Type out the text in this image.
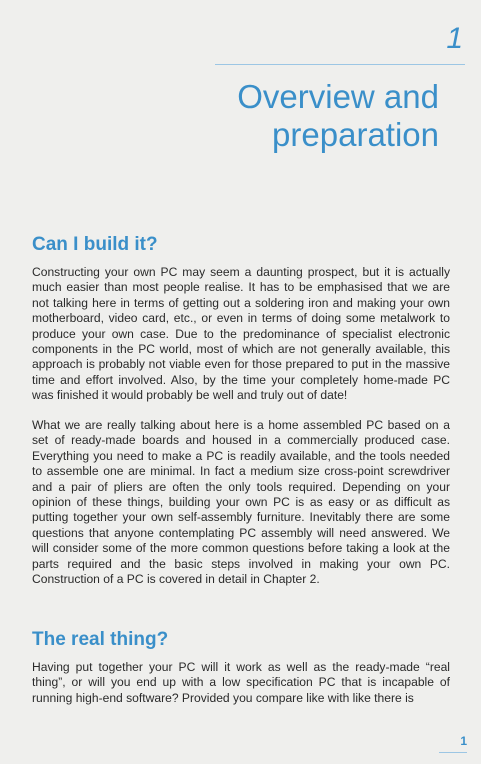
1
Overview and
preparation
Can I build it?

Constructing your own PC may seem a daunting prospect, but it is actually much easier than most people realise. It has to be emphasised that we are not talking here in terms of getting out a soldering iron and making your own motherboard, video card, etc., or even in terms of doing some metalwork to produce your own case. Due to the predominance of specialist electronic components in the PC world, most of which are not generally available, this approach is probably not viable even for those prepared to put in the massive time and effort involved. Also, by the time your completely home-made PC was finished it would probably be well and truly out of date!

What we are really talking about here is a home assembled PC based on a set of ready-made boards and housed in a commercially produced case. Everything you need to make a PC is readily available, and the tools needed to assemble one are minimal. In fact a medium size cross-point screwdriver and a pair of pliers are often the only tools required. Depending on your opinion of these things, building your own PC is as easy or as difficult as putting together your own self-assembly furniture. Inevitably there are some questions that anyone contemplating PC assembly will need answered. We will consider some of the more common questions before taking a look at the parts required and the basic steps involved in making your own PC. Construction of a PC is covered in detail in Chapter 2.

The real thing?

Having put together your PC will it work as well as the ready-made “real thing”, or will you end up with a low specification PC that is incapable of running high-end software? Provided you compare like with like there is

1
